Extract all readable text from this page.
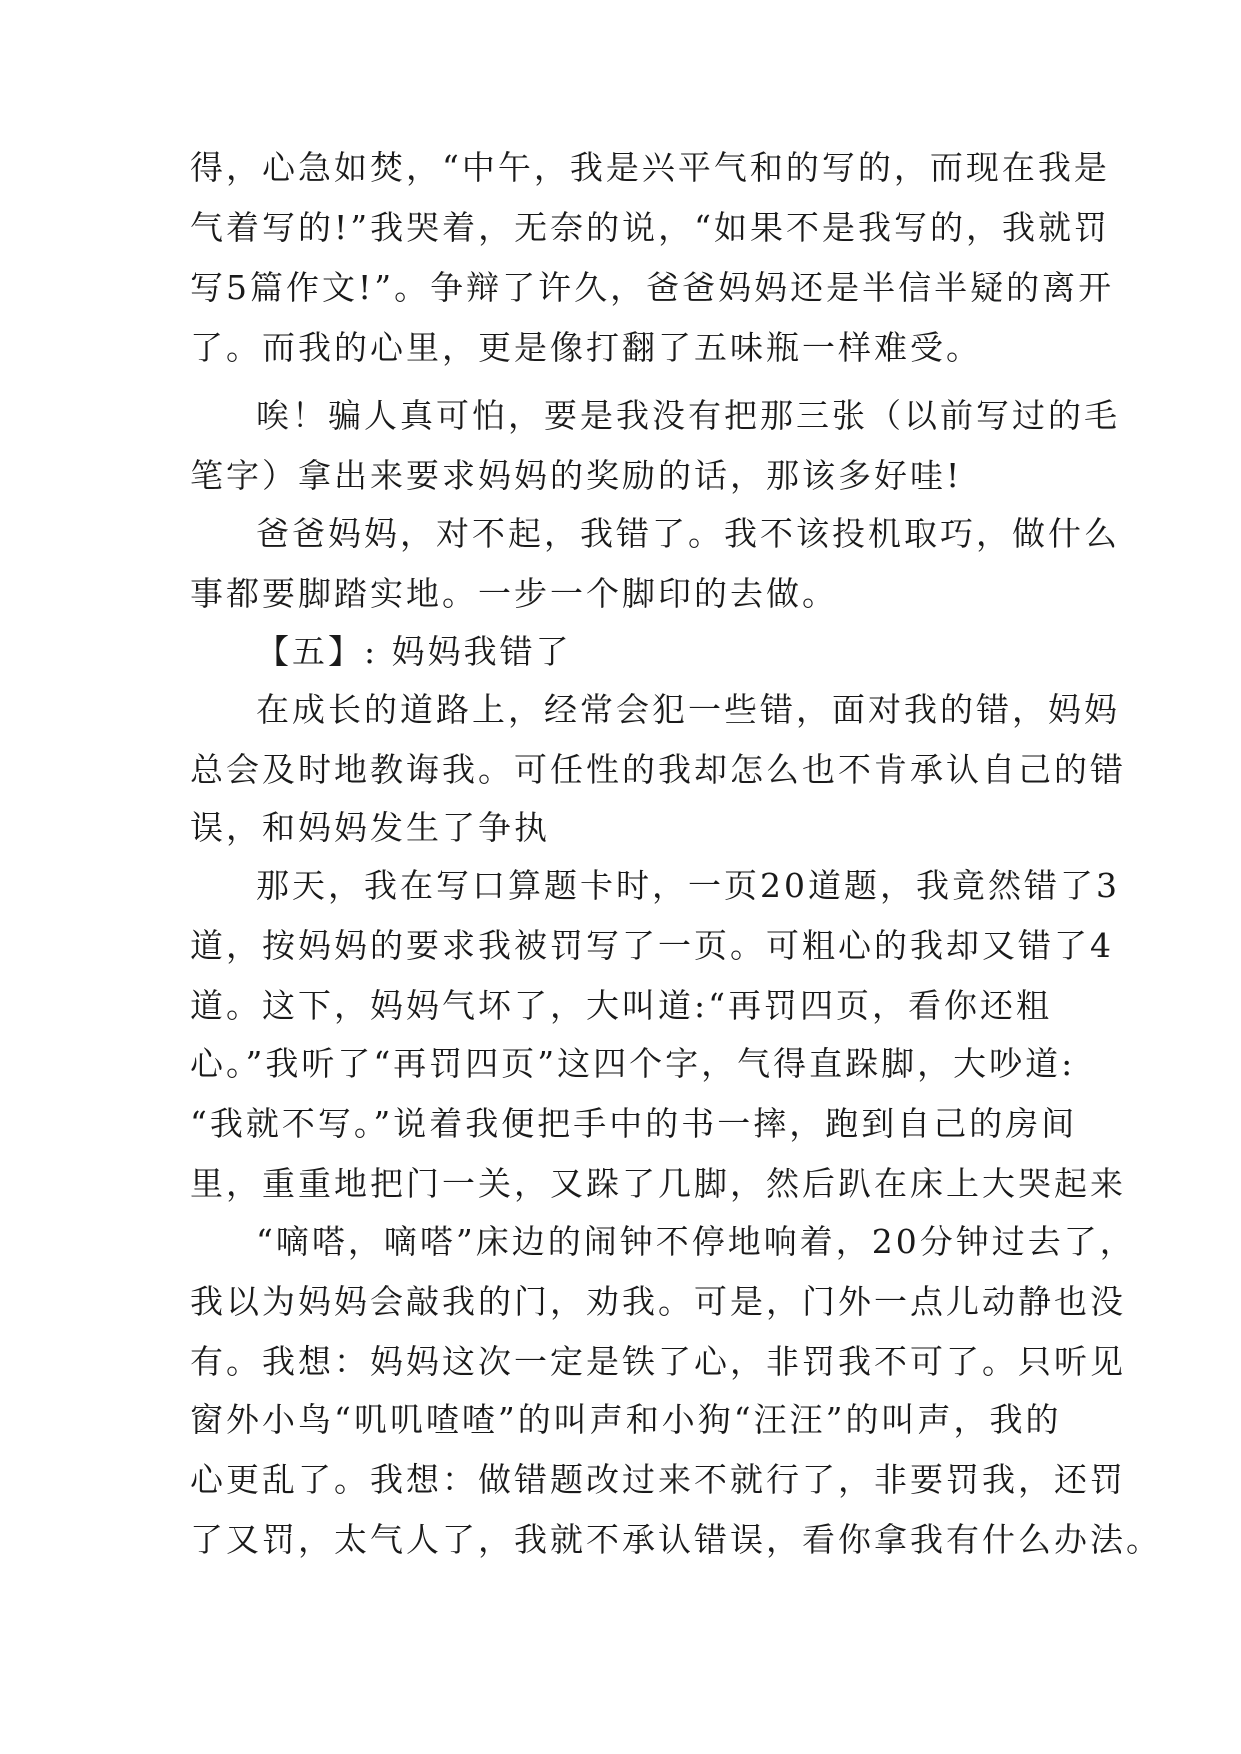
得，心急如焚，“中午，我是兴平气和的写的，而现在我是
气着写的!”我哭着，无奈的说，“如果不是我写的，我就罚
写5篇作文!”。争辩了许久，爸爸妈妈还是半信半疑的离开
了。而我的心里，更是像打翻了五味瓶一样难受。
唉！骗人真可怕，要是我没有把那三张（以前写过的毛
笔字）拿出来要求妈妈的奖励的话，那该多好哇!
爸爸妈妈，对不起，我错了。我不该投机取巧，做什么
事都要脚踏实地。一步一个脚印的去做。
【五】: 妈妈我错了
在成长的道路上，经常会犯一些错，面对我的错，妈妈
总会及时地教诲我。可任性的我却怎么也不肯承认自己的错
误，和妈妈发生了争执
那天，我在写口算题卡时，一页20道题，我竟然错了3
道，按妈妈的要求我被罚写了一页。可粗心的我却又错了4
道。这下，妈妈气坏了，大叫道:“再罚四页，看你还粗
心。”我听了“再罚四页”这四个字，气得直跺脚，大吵道:
“我就不写。”说着我便把手中的书一摔，跑到自己的房间
里，重重地把门一关，又跺了几脚，然后趴在床上大哭起来
“嘀嗒，嘀嗒”床边的闹钟不停地响着，20分钟过去了，
我以为妈妈会敲我的门，劝我。可是，门外一点儿动静也没
有。我想：妈妈这次一定是铁了心，非罚我不可了。只听见
窗外小鸟“叽叽喳喳”的叫声和小狗“汪汪”的叫声，我的
心更乱了。我想：做错题改过来不就行了，非要罚我，还罚
了又罚，太气人了，我就不承认错误，看你拿我有什么办法。
